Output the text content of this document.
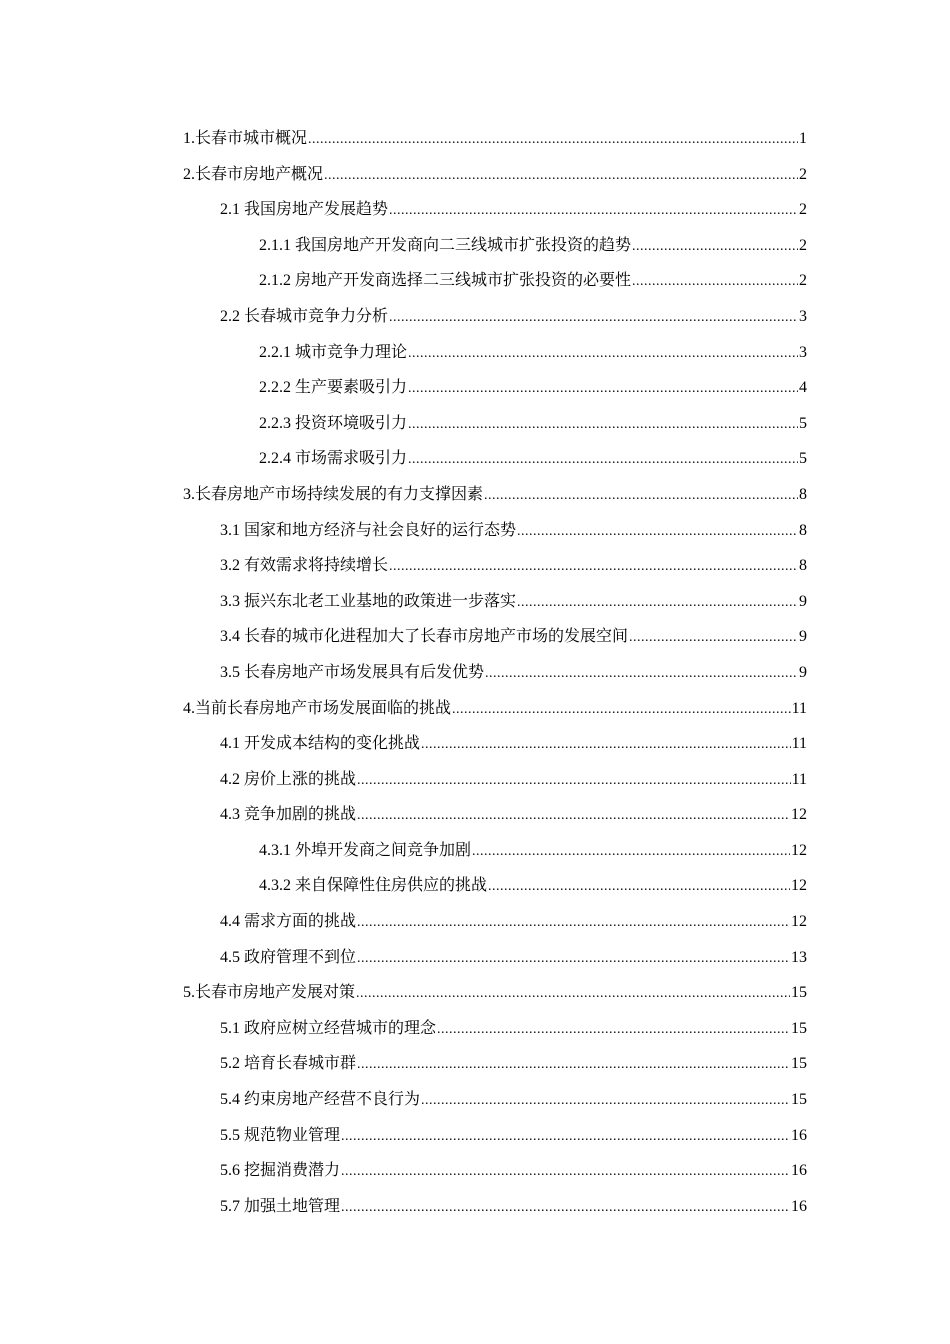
1.长春市城市概况 .....	1
2.长春市房地产概况 .....	2
2.1 我国房地产发展趋势 .....	2
2.1.1 我国房地产开发商向二三线城市扩张投资的趋势 .....	2
2.1.2 房地产开发商选择二三线城市扩张投资的必要性 .....	2
2.2 长春城市竞争力分析 .....	3
2.2.1 城市竞争力理论 .....	3
2.2.2 生产要素吸引力 .....	4
2.2.3 投资环境吸引力 .....	5
2.2.4 市场需求吸引力 .....	5
3.长春房地产市场持续发展的有力支撑因素 .....	8
3.1 国家和地方经济与社会良好的运行态势 .....	8
3.2 有效需求将持续增长 .....	8
3.3 振兴东北老工业基地的政策进一步落实 .....	9
3.4 长春的城市化进程加大了长春市房地产市场的发展空间 .....	9
3.5 长春房地产市场发展具有后发优势 .....	9
4.当前长春房地产市场发展面临的挑战 .....	11
4.1 开发成本结构的变化挑战 .....	11
4.2 房价上涨的挑战 .....	11
4.3 竞争加剧的挑战 .....	12
4.3.1 外埠开发商之间竞争加剧 .....	12
4.3.2 来自保障性住房供应的挑战 .....	12
4.4 需求方面的挑战 .....	12
4.5 政府管理不到位 .....	13
5.长春市房地产发展对策 .....	15
5.1 政府应树立经营城市的理念 .....	15
5.2 培育长春城市群 .....	15
5.4 约束房地产经营不良行为 .....	15
5.5 规范物业管理 .....	16
5.6 挖掘消费潜力 .....	16
5.7 加强土地管理 .....	16
